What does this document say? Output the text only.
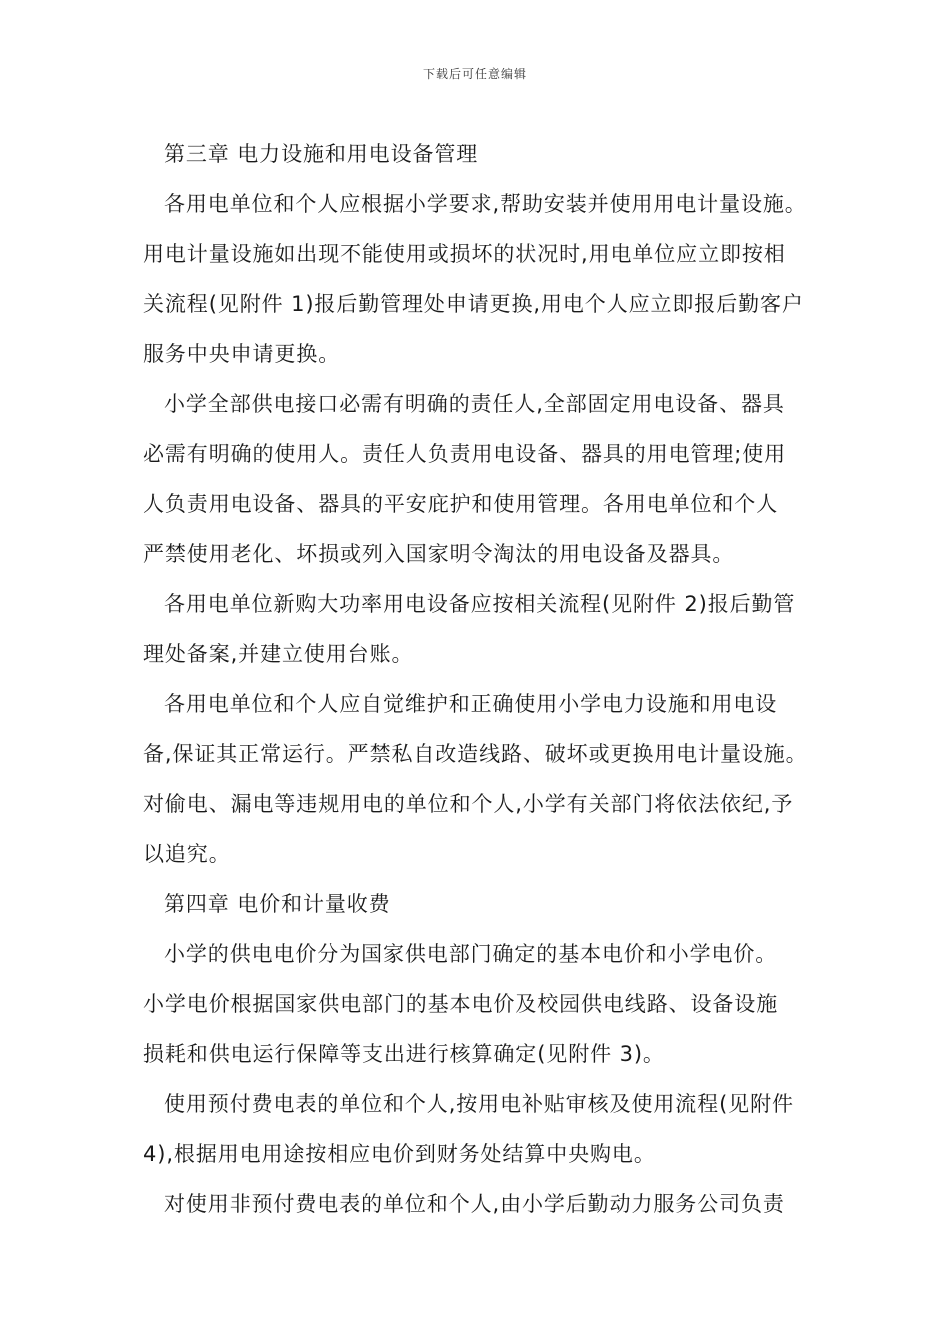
下载后可任意编辑
第三章 电力设施和用电设备管理
各用电单位和个人应根据小学要求,帮助安装并使用用电计量设施。
用电计量设施如出现不能使用或损坏的状况时,用电单位应立即按相
关流程(见附件 1)报后勤管理处申请更换,用电个人应立即报后勤客户
服务中央申请更换。
小学全部供电接口必需有明确的责任人,全部固定用电设备、器具
必需有明确的使用人。责任人负责用电设备、器具的用电管理;使用
人负责用电设备、器具的平安庇护和使用管理。各用电单位和个人
严禁使用老化、坏损或列入国家明令淘汰的用电设备及器具。
各用电单位新购大功率用电设备应按相关流程(见附件 2)报后勤管
理处备案,并建立使用台账。
各用电单位和个人应自觉维护和正确使用小学电力设施和用电设
备,保证其正常运行。严禁私自改造线路、破坏或更换用电计量设施。
对偷电、漏电等违规用电的单位和个人,小学有关部门将依法依纪,予
以追究。
第四章 电价和计量收费
小学的供电电价分为国家供电部门确定的基本电价和小学电价。
小学电价根据国家供电部门的基本电价及校园供电线路、设备设施
损耗和供电运行保障等支出进行核算确定(见附件 3)。
使用预付费电表的单位和个人,按用电补贴审核及使用流程(见附件
4),根据用电用途按相应电价到财务处结算中央购电。
对使用非预付费电表的单位和个人,由小学后勤动力服务公司负责
